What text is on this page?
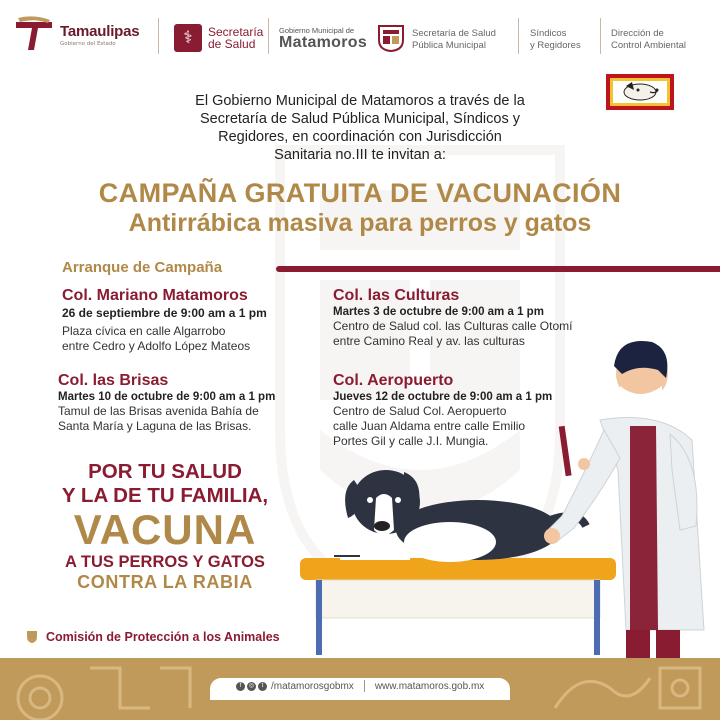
Tamaulipas
Gobierno del Estado	⚕	Secretaría
de Salud
Gobierno Municipal de
Matamoros
Secretaría de Salud
Pública Municipal
Síndicos
y Regidores
Dirección de
Control Ambiental
El Gobierno Municipal de Matamoros a través de la
Secretaría de Salud Pública Municipal, Síndicos y
Regidores, en coordinación con Jurisdicción
Sanitaria no.III te invitan a:
CAMPAÑA GRATUITA DE VACUNACIÓN
Antirrábica masiva para perros y gatos
Arranque de Campaña
Col. Mariano Matamoros
26 de septiembre de 9:00 am a 1 pm
Plaza cívica en calle Algarrobo
entre Cedro y Adolfo López Mateos
Col. las Culturas
Martes 3 de octubre de 9:00 am a 1 pm
Centro de Salud col. las Culturas calle Otomí
entre Camino Real y av. las culturas
Col. las Brisas
Martes 10 de octubre de 9:00 am a 1 pm
Tamul de las Brisas avenida Bahía de
Santa María y Laguna de las Brisas.
Col. Aeropuerto
Jueves 12 de octubre de 9:00 am a 1 pm
Centro de Salud Col. Aeropuerto
calle Juan Aldama entre calle Emilio
Portes Gil y calle J.I. Mungia.
POR TU SALUD
Y LA DE TU FAMILIA,
VACUNA
A TUS PERROS Y GATOS
CONTRA LA RABIA
Comisión de Protección a los Animales
f	◎	t /matamorosgobmx www.matamoros.gob.mx
